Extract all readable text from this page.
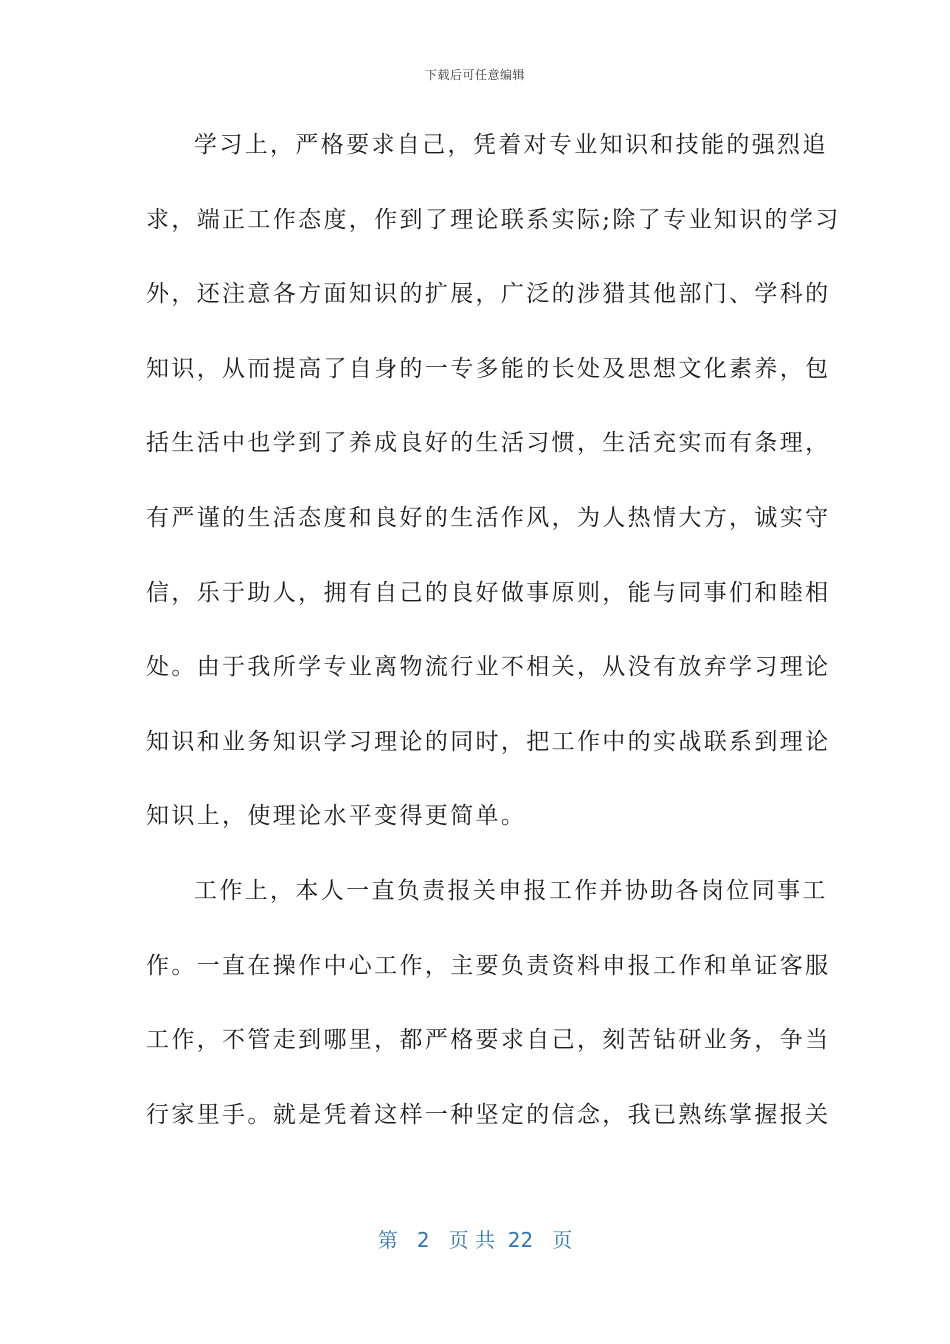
下载后可任意编辑
学习上，严格要求自己，凭着对专业知识和技能的强烈追
求，端正工作态度，作到了理论联系实际;除了专业知识的学习
外，还注意各方面知识的扩展，广泛的涉猎其他部门、学科的
知识，从而提高了自身的一专多能的长处及思想文化素养，包
括生活中也学到了养成良好的生活习惯，生活充实而有条理，
有严谨的生活态度和良好的生活作风，为人热情大方，诚实守
信，乐于助人，拥有自己的良好做事原则，能与同事们和睦相
处。由于我所学专业离物流行业不相关，从没有放弃学习理论
知识和业务知识学习理论的同时，把工作中的实战联系到理论
知识上，使理论水平变得更简单。
工作上，本人一直负责报关申报工作并协助各岗位同事工
作。一直在操作中心工作，主要负责资料申报工作和单证客服
工作，不管走到哪里，都严格要求自己，刻苦钻研业务，争当
行家里手。就是凭着这样一种坚定的信念，我已熟练掌握报关
第 2 页 共 22 页
